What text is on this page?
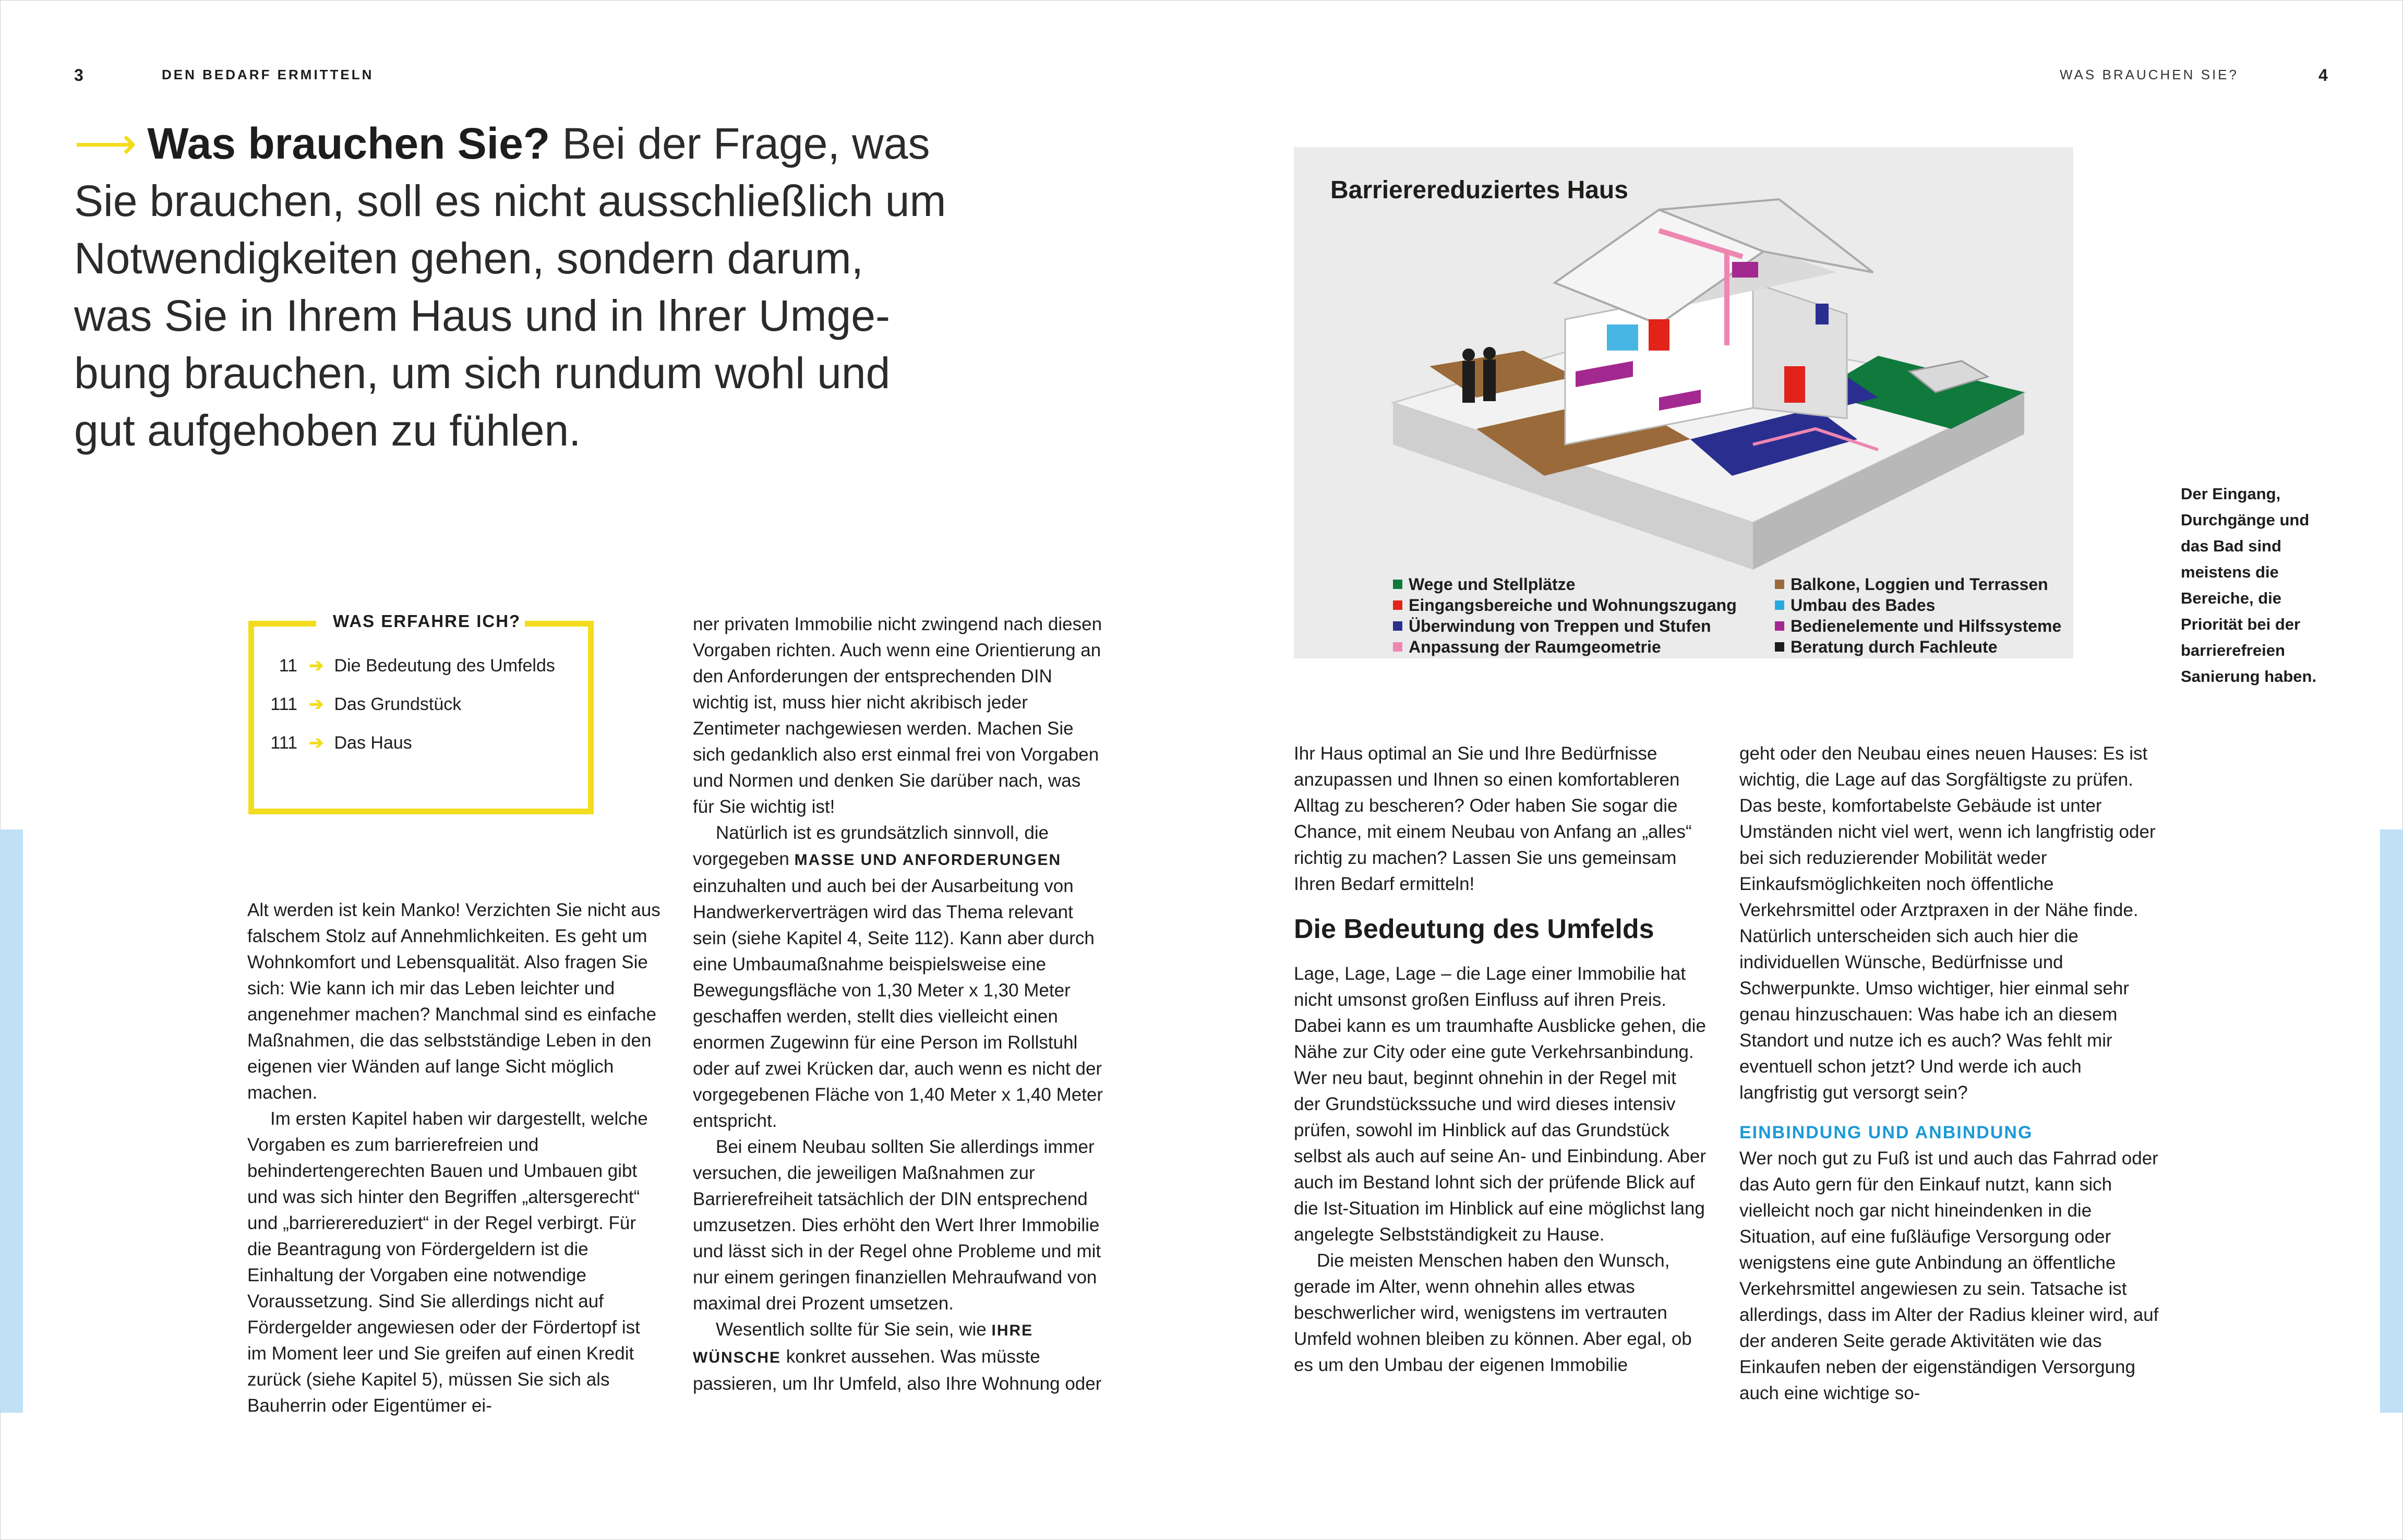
3	DEN BEDARF ERMITTELN	WAS BRAUCHEN SIE?	4

⟶ Was brauchen Sie? Bei der Frage, was

Sie brauchen, soll es nicht ausschließlich um

Notwendigkeiten gehen, sondern darum,

was Sie in Ihrem Haus und in Ihrer Umge-

bung brauchen, um sich rundum wohl und

gut aufgehoben zu fühlen.

WAS ERFAHRE ICH?
11 ➔ Die Bedeutung des Umfelds
111 ➔ Das Grundstück
111 ➔ Das Haus

Alt werden ist kein Manko! Verzichten Sie nicht aus falschem Stolz auf Annehmlichkeiten. Es geht um Wohnkomfort und Lebensqualität. Also fragen Sie sich: Wie kann ich mir das Leben leichter und angenehmer machen? Manchmal sind es einfache Maßnahmen, die das selbstständige Leben in den eigenen vier Wänden auf lange Sicht möglich machen.

Im ersten Kapitel haben wir dargestellt, welche Vorgaben es zum barrierefreien und behindertengerechten Bauen und Umbauen gibt und was sich hinter den Begriffen „altersgerecht“ und „barrierereduziert“ in der Regel verbirgt. Für die Beantragung von Fördergeldern ist die Einhaltung der Vorgaben eine notwendige Voraussetzung. Sind Sie allerdings nicht auf Fördergelder angewiesen oder der Fördertopf ist im Moment leer und Sie greifen auf einen Kredit zurück (siehe Kapitel 5), müssen Sie sich als Bauherrin oder Eigentümer ei-

ner privaten Immobilie nicht zwingend nach diesen Vorgaben richten. Auch wenn eine Orientierung an den Anforderungen der entsprechenden DIN wichtig ist, muss hier nicht akribisch jeder Zentimeter nachgewiesen werden. Machen Sie sich gedanklich also erst einmal frei von Vorgaben und Normen und denken Sie darüber nach, was für Sie wichtig ist!

Natürlich ist es grundsätzlich sinnvoll, die vorgegeben MASSE UND ANFORDERUNGEN einzuhalten und auch bei der Ausarbeitung von Handwerkerverträgen wird das Thema relevant sein (siehe Kapitel 4, Seite 112). Kann aber durch eine Umbaumaßnahme beispielsweise eine Bewegungsfläche von 1,30 Meter x 1,30 Meter geschaffen werden, stellt dies vielleicht einen enormen Zugewinn für eine Person im Rollstuhl oder auf zwei Krücken dar, auch wenn es nicht der vorgegebenen Fläche von 1,40 Meter x 1,40 Meter entspricht.

Bei einem Neubau sollten Sie allerdings immer versuchen, die jeweiligen Maßnahmen zur Barrierefreiheit tatsächlich der DIN entsprechend umzusetzen. Dies erhöht den Wert Ihrer Immobilie und lässt sich in der Regel ohne Probleme und mit nur einem geringen finanziellen Mehraufwand von maximal drei Prozent umsetzen.

Wesentlich sollte für Sie sein, wie IHRE WÜNSCHE konkret aussehen. Was müsste passieren, um Ihr Umfeld, also Ihre Wohnung oder

Barrierereduziertes Haus
Wege und Stellplätze
Eingangsbereiche und Wohnungszugang
Überwindung von Treppen und Stufen
Anpassung der Raumgeometrie
Balkone, Loggien und Terrassen
Umbau des Bades
Bedienelemente und Hilfssysteme
Beratung durch Fachleute
Der Eingang, Durchgänge und das Bad sind meistens die Bereiche, die Priorität bei der barrierefreien Sanierung haben.

Ihr Haus optimal an Sie und Ihre Bedürfnisse anzupassen und Ihnen so einen komfortableren Alltag zu bescheren? Oder haben Sie sogar die Chance, mit einem Neubau von Anfang an „alles“ richtig zu machen? Lassen Sie uns gemeinsam Ihren Bedarf ermitteln!

Die Bedeutung des Umfelds

Lage, Lage, Lage – die Lage einer Immobilie hat nicht umsonst großen Einfluss auf ihren Preis. Dabei kann es um traumhafte Ausblicke gehen, die Nähe zur City oder eine gute Verkehrsanbindung. Wer neu baut, beginnt ohnehin in der Regel mit der Grundstückssuche und wird dieses intensiv prüfen, sowohl im Hinblick auf das Grundstück selbst als auch auf seine An- und Einbindung. Aber auch im Bestand lohnt sich der prüfende Blick auf die Ist-Situation im Hinblick auf eine möglichst lang angelegte Selbstständigkeit zu Hause.

Die meisten Menschen haben den Wunsch, gerade im Alter, wenn ohnehin alles etwas beschwerlicher wird, wenigstens im vertrauten Umfeld wohnen bleiben zu können. Aber egal, ob es um den Umbau der eigenen Immobilie

geht oder den Neubau eines neuen Hauses: Es ist wichtig, die Lage auf das Sorgfältigste zu prüfen. Das beste, komfortabelste Gebäude ist unter Umständen nicht viel wert, wenn ich langfristig oder bei sich reduzierender Mobilität weder Einkaufsmöglichkeiten noch öffentliche Verkehrsmittel oder Arztpraxen in der Nähe finde. Natürlich unterscheiden sich auch hier die individuellen Wünsche, Bedürfnisse und Schwerpunkte. Umso wichtiger, hier einmal sehr genau hinzuschauen: Was habe ich an diesem Standort und nutze ich es auch? Was fehlt mir eventuell schon jetzt? Und werde ich auch langfristig gut versorgt sein?

EINBINDUNG UND ANBINDUNG

Wer noch gut zu Fuß ist und auch das Fahrrad oder das Auto gern für den Einkauf nutzt, kann sich vielleicht noch gar nicht hineindenken in die Situation, auf eine fußläufige Versorgung oder wenigstens eine gute Anbindung an öffentliche Verkehrsmittel angewiesen zu sein. Tatsache ist allerdings, dass im Alter der Radius kleiner wird, auf der anderen Seite gerade Aktivitäten wie das Einkaufen neben der eigenständigen Versorgung auch eine wichtige so-
